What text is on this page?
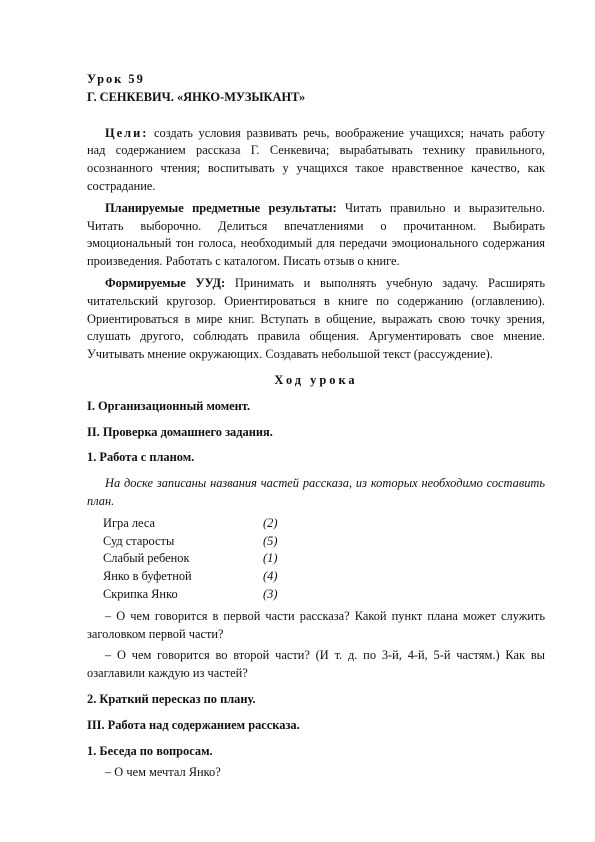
Урок 59

Г. СЕНКЕВИЧ. «ЯНКО-МУЗЫКАНТ»

Цели: создать условия развивать речь, воображение учащихся; начать работу над содержанием рассказа Г. Сенкевича; вырабатывать технику правильного, осознанного чтения; воспитывать у учащихся такое нравственное качество, как сострадание.

Планируемые предметные результаты: Читать правильно и выразительно. Читать выборочно. Делиться впечатлениями о прочитанном. Выбирать эмоциональный тон голоса, необходимый для передачи эмоционального содержания произведения. Работать с каталогом. Писать отзыв о книге.

Формируемые УУД: Принимать и выполнять учебную задачу. Расширять читательский кругозор. Ориентироваться в книге по содержанию (оглавлению). Ориентироваться в мире книг. Вступать в общение, выражать свою точку зрения, слушать другого, соблюдать правила общения. Аргументировать свое мнение. Учитывать мнение окружающих. Создавать небольшой текст (рассуждение).

Ход урока

I. Организационный момент.

II. Проверка домашнего задания.

1. Работа с планом.

На доске записаны названия частей рассказа, из которых необходимо составить план.

Игра леса	(2)
Суд старосты	(5)
Слабый ребенок	(1)
Янко в буфетной	(4)
Скрипка Янко	(3)

– О чем говорится в первой части рассказа? Какой пункт плана может служить заголовком первой части?

– О чем говорится во второй части? (И т. д. по 3-й, 4-й, 5-й частям.) Как вы озаглавили каждую из частей?

2. Краткий пересказ по плану.

III. Работа над содержанием рассказа.

1. Беседа по вопросам.

– О чем мечтал Янко?
